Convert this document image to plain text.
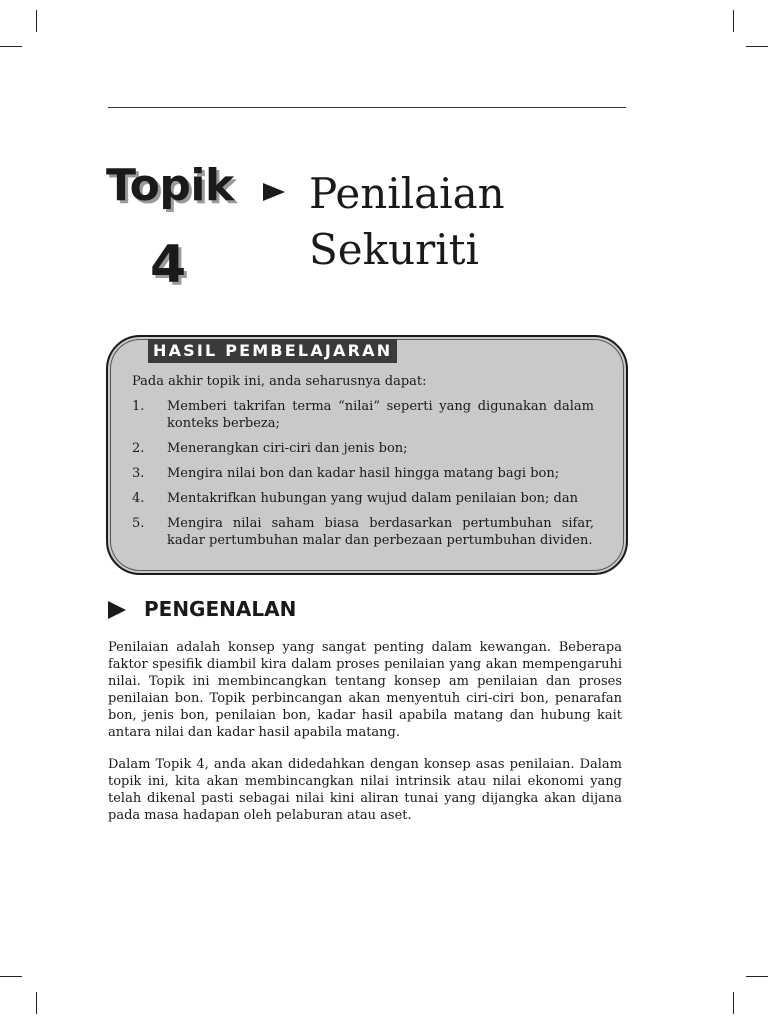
Topik
4
Penilaian Sekuriti
HASIL PEMBELAJARAN
Pada akhir topik ini, anda seharusnya dapat:
1.	Memberi takrifan terma “nilai” seperti yang digunakan dalam konteks berbeza;
2.	Menerangkan ciri-ciri dan jenis bon;
3.	Mengira nilai bon dan kadar hasil hingga matang bagi bon;
4.	Mentakrifkan hubungan yang wujud dalam penilaian bon; dan
5.	Mengira nilai saham biasa berdasarkan pertumbuhan sifar, kadar pertumbuhan malar dan perbezaan pertumbuhan dividen.
PENGENALAN

Penilaian adalah konsep yang sangat penting dalam kewangan. Beberapa faktor spesifik diambil kira dalam proses penilaian yang akan mempengaruhi nilai. Topik ini membincangkan tentang konsep am penilaian dan proses penilaian bon. Topik perbincangan akan menyentuh ciri-ciri bon, penarafan bon, jenis bon, penilaian bon, kadar hasil apabila matang dan hubung kait antara nilai dan kadar hasil apabila matang.

Dalam Topik 4, anda akan didedahkan dengan konsep asas penilaian. Dalam topik ini, kita akan membincangkan nilai intrinsik atau nilai ekonomi yang telah dikenal pasti sebagai nilai kini aliran tunai yang dijangka akan dijana pada masa hadapan oleh pelaburan atau aset.
